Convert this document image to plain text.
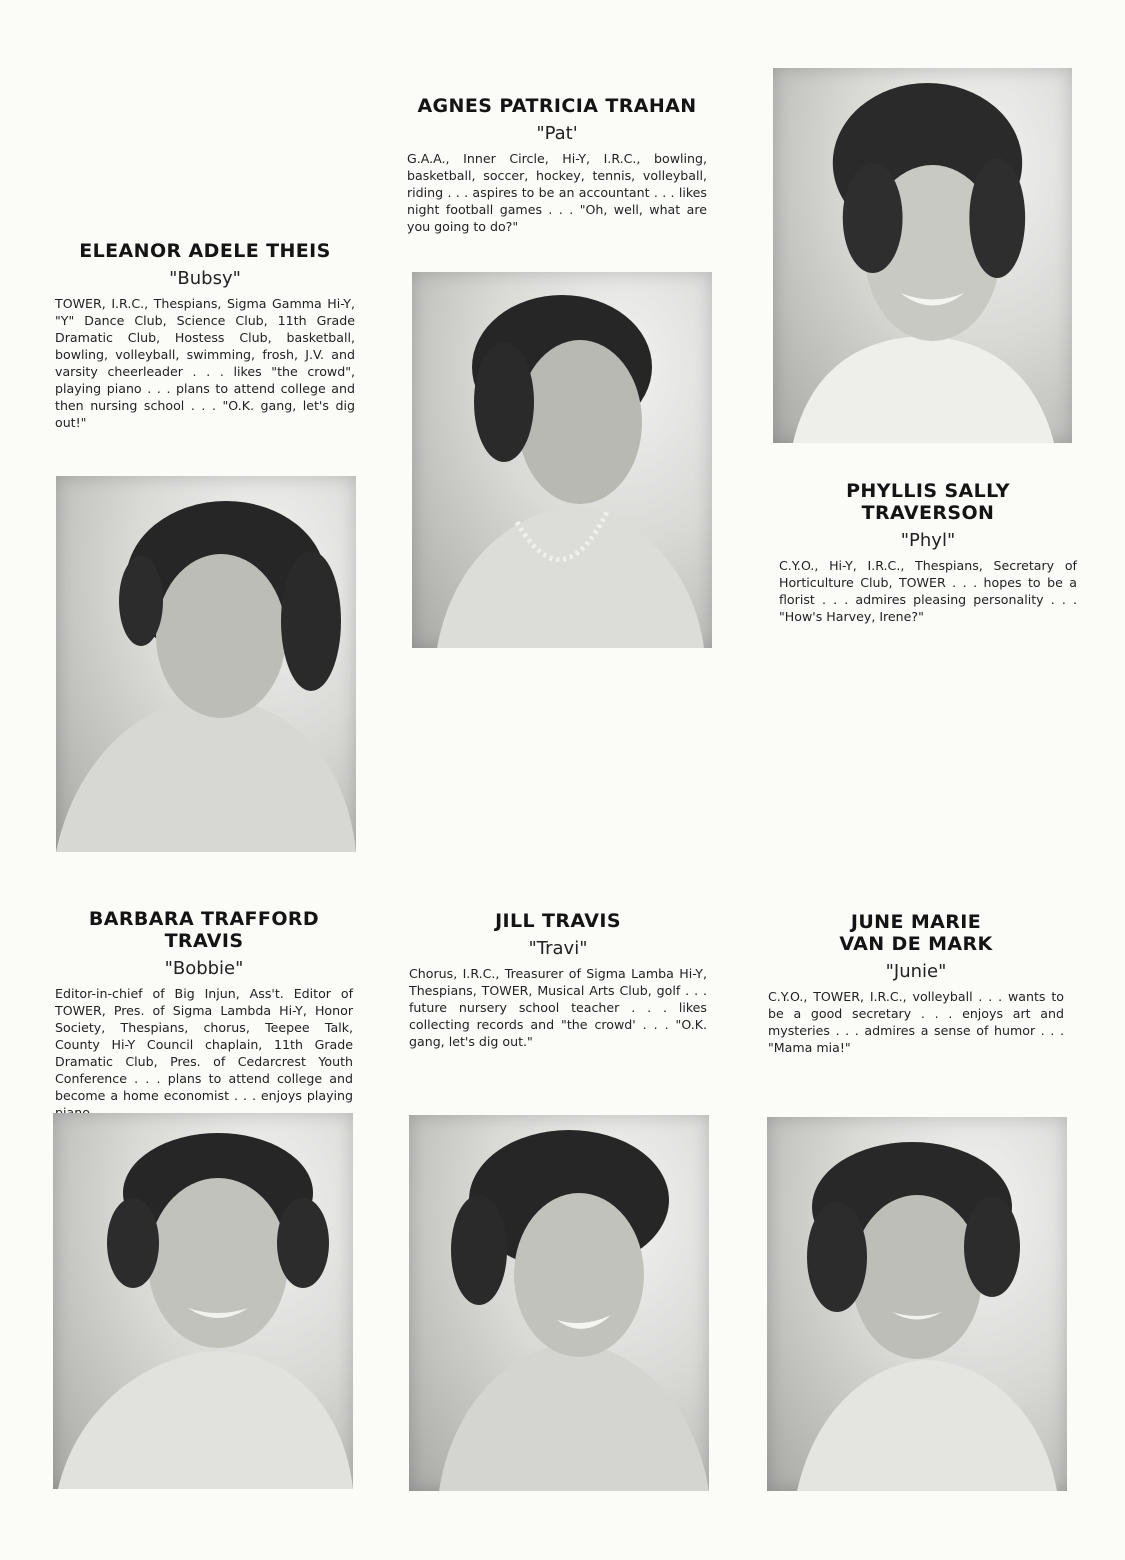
AGNES PATRICIA TRAHAN
"Pat'
G.A.A., Inner Circle, Hi-Y, I.R.C., bowling, basketball, soccer, hockey, tennis, volleyball, riding . . . aspires to be an accountant . . . likes night football games . . . "Oh, well, what are you going to do?"
ELEANOR ADELE THEIS
"Bubsy"
TOWER, I.R.C., Thespians, Sigma Gamma Hi-Y, "Y" Dance Club, Science Club, 11th Grade Dramatic Club, Hostess Club, basketball, bowling, volleyball, swimming, frosh, J.V. and varsity cheerleader . . . likes "the crowd", playing piano . . . plans to attend college and then nursing school . . . "O.K. gang, let's dig out!"
PHYLLIS SALLY TRAVERSON
"Phyl"
C.Y.O., Hi-Y, I.R.C., Thespians, Secretary of Horticulture Club, TOWER . . . hopes to be a florist . . . admires pleasing personality . . . "How's Harvey, Irene?"
BARBARA TRAFFORD TRAVIS
"Bobbie"
Editor-in-chief of Big Injun, Ass't. Editor of TOWER, Pres. of Sigma Lambda Hi-Y, Honor Society, Thespians, chorus, Teepee Talk, County Hi-Y Council chaplain, 11th Grade Dramatic Club, Pres. of Cedarcrest Youth Conference . . . plans to attend college and become a home economist . . . enjoys playing
JILL TRAVIS
"Travi"
Chorus, I.R.C., Treasurer of Sigma Lamba Hi-Y, Thespians, TOWER, Musical Arts Club, golf . . . future nursery school teacher . . . likes collecting records and "the crowd' . . . "O.K. gang, let's dig out."
JUNE MARIE
VAN DE MARK
"Junie"
C.Y.O., TOWER, I.R.C., volleyball . . . wants to be a good secretary . . . enjoys art and mysteries . . . admires a sense of humor . . . "Mama mia!"
